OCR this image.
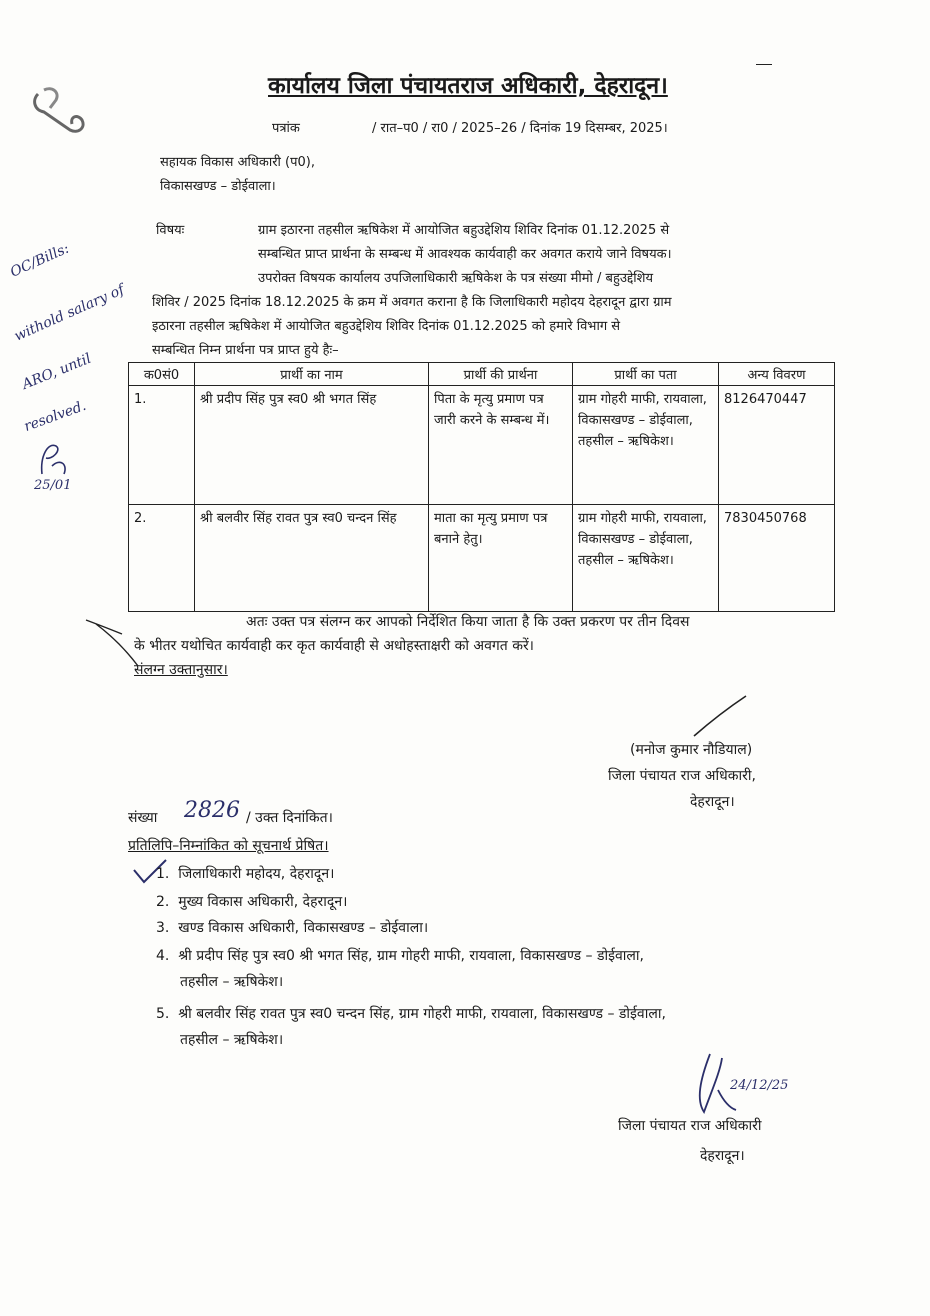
कार्यालय जिला पंचायतराज अधिकारी, देहरादून।
पत्रांक	/ रात–प0 / रा0 / 2025–26 / दिनांक 19 दिसम्बर, 2025।
सहायक विकास अधिकारी (प0),
विकासखण्ड – डोईवाला।
विषयः	ग्राम इठारना तहसील ऋषिकेश में आयोजित बहुउद्देशिय शिविर दिनांक 01.12.2025 से
सम्बन्धित प्राप्त प्रार्थना के सम्बन्ध में आवश्यक कार्यवाही कर अवगत कराये जाने विषयक।
उपरोक्त विषयक कार्यालय उपजिलाधिकारी ऋषिकेश के पत्र संख्या मीमो / बहुउद्देशिय
शिविर / 2025 दिनांक 18.12.2025 के क्रम में अवगत कराना है कि जिलाधिकारी महोदय देहरादून द्वारा ग्राम
इठारना तहसील ऋषिकेश में आयोजित बहुउद्देशिय शिविर दिनांक 01.12.2025 को हमारे विभाग से
सम्बन्धित निम्न प्रार्थना पत्र प्राप्त हुये हैः–
क0सं0	प्रार्थी का नाम	प्रार्थी की प्रार्थना	प्रार्थी का पता	अन्य विवरण
1.	श्री प्रदीप सिंह पुत्र स्व0 श्री भगत सिंह	पिता के मृत्यु प्रमाण पत्र जारी करने के सम्बन्ध में।	ग्राम गोहरी माफी, रायवाला, विकासखण्ड – डोईवाला, तहसील – ऋषिकेश।	8126470447
2.	श्री बलवीर सिंह रावत पुत्र स्व0 चन्दन सिंह	माता का मृत्यु प्रमाण पत्र बनाने हेतु।	ग्राम गोहरी माफी, रायवाला, विकासखण्ड – डोईवाला, तहसील – ऋषिकेश।	7830450768
अतः उक्त पत्र संलग्न कर आपको निर्देशित किया जाता है कि उक्त प्रकरण पर तीन दिवस
के भीतर यथोचित कार्यवाही कर कृत कार्यवाही से अधोहस्ताक्षरी को अवगत करें।
संलग्न उक्तानुसार।
(मनोज कुमार नौडियाल)
जिला पंचायत राज अधिकारी,
देहरादून।
संख्या 2826 / उक्त दिनांकित।
प्रतिलिपि–निम्नांकित को सूचनार्थ प्रेषित।
1. जिलाधिकारी महोदय, देहरादून।
2. मुख्य विकास अधिकारी, देहरादून।
3. खण्ड विकास अधिकारी, विकासखण्ड – डोईवाला।
4. श्री प्रदीप सिंह पुत्र स्व0 श्री भगत सिंह, ग्राम गोहरी माफी, रायवाला, विकासखण्ड – डोईवाला,
तहसील – ऋषिकेश।
5. श्री बलवीर सिंह रावत पुत्र स्व0 चन्दन सिंह, ग्राम गोहरी माफी, रायवाला, विकासखण्ड – डोईवाला,
तहसील – ऋषिकेश।
24/12/25
जिला पंचायत राज अधिकारी
देहरादून।
OC/Bills:
withold salary of
ARO, until
resolved.
25/01
